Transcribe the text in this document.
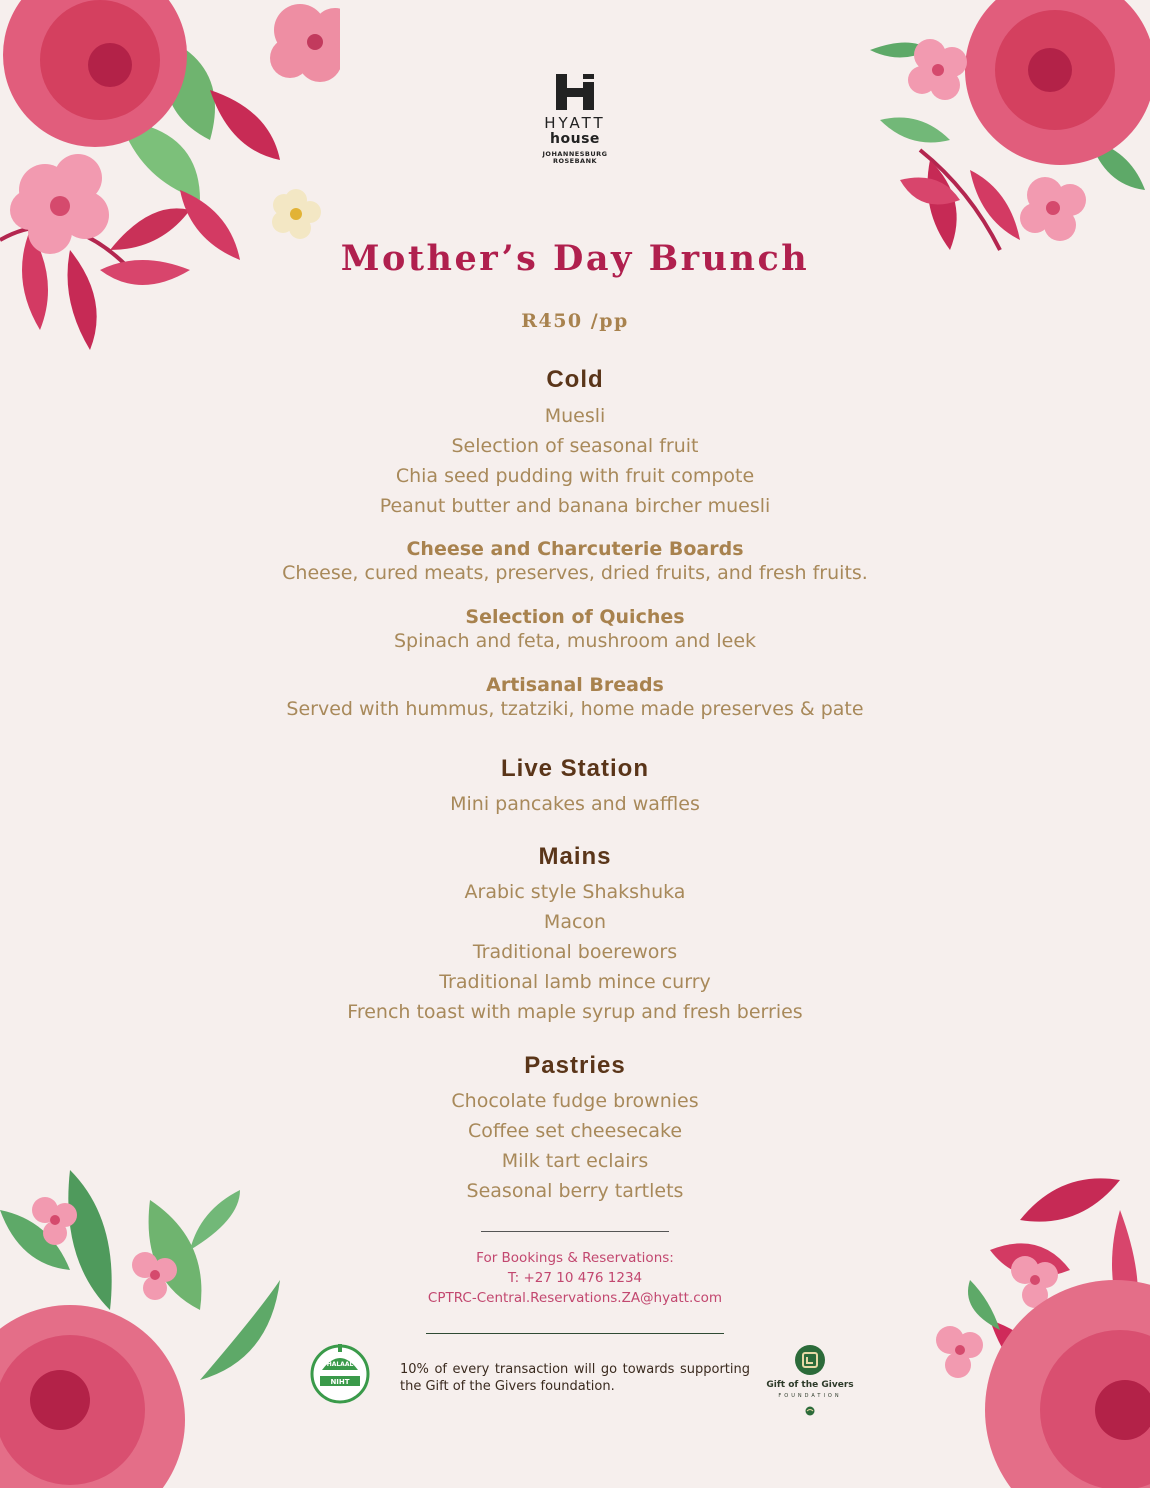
HYATT
house
JOHANNESBURG
ROSEBANK
Mother’s Day Brunch
R450 /pp
Cold
Muesli
Selection of seasonal fruit
Chia seed pudding with fruit compote
Peanut butter and banana bircher muesli
Cheese and Charcuterie Boards
Cheese, cured meats, preserves, dried fruits, and fresh fruits.
Selection of Quiches
Spinach and feta, mushroom and leek
Artisanal Breads
Served with hummus, tzatziki, home made preserves & pate
Live Station
Mini pancakes and waffles
Mains
Arabic style Shakshuka
Macon
Traditional boerewors
Traditional lamb mince curry
French toast with maple syrup and fresh berries
Pastries
Chocolate fudge brownies
Coffee set cheesecake
Milk tart eclairs
Seasonal berry tartlets
For Bookings & Reservations:
T: +27 10 476 1234
CPTRC-Central.Reservations.ZA@hyatt.com
HALAAL
NIHT
10% of every transaction will go towards supporting the Gift of the Givers foundation.	Gift of the Givers
FOUNDATION
